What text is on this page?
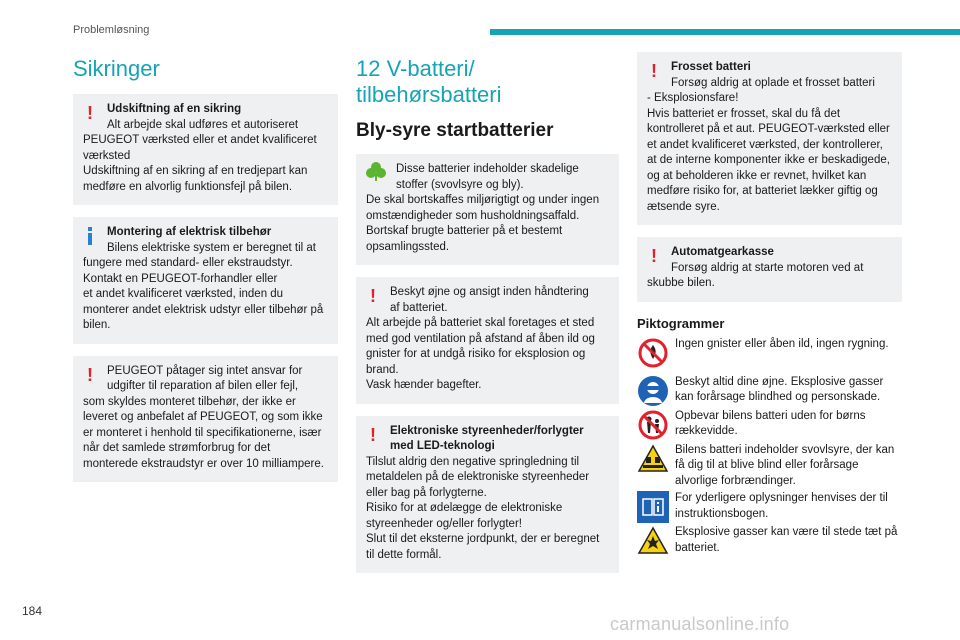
Problemløsning
Sikringer
!	Udskiftning af en sikring
Alt arbejde skal udføres et autoriseret
PEUGEOT værksted eller et andet kvalificeret værksted
Udskiftning af en sikring af en tredjepart kan medføre en alvorlig funktionsfejl på bilen.
Montering af elektrisk tilbehør
Bilens elektriske system er beregnet til at
fungere med standard- eller ekstraudstyr.
Kontakt en PEUGEOT-forhandler eller
et andet kvalificeret værksted, inden du monterer andet elektrisk udstyr eller tilbehør på bilen.
!	PEUGEOT påtager sig intet ansvar for
udgifter til reparation af bilen eller fejl,
som skyldes monteret tilbehør, der ikke er leveret og anbefalet af PEUGEOT, og som ikke er monteret i henhold til specifikationerne, især når det samlede strømforbrug for det monterede ekstraudstyr er over 10 milliampere.
12 V-batteri/ tilbehørsbatteri
Bly-syre startbatterier
Disse batterier indeholder skadelige
stoffer (svovlsyre og bly).
De skal bortskaffes miljørigtigt og under ingen omstændigheder som husholdningsaffald.
Bortskaf brugte batterier på et bestemt opsamlingssted.
!	Beskyt øjne og ansigt inden håndtering
af batteriet.
Alt arbejde på batteriet skal foretages et sted med god ventilation på afstand af åben ild og gnister for at undgå risiko for eksplosion og brand.
Vask hænder bagefter.
!	Elektroniske styreenheder/forlygter
med LED-teknologi
Tilslut aldrig den negative springledning til metaldelen på de elektroniske styreenheder eller bag på forlygterne.
Risiko for at ødelægge de elektroniske styreenheder og/eller forlygter!
Slut til det eksterne jordpunkt, der er beregnet til dette formål.
!	Frosset batteri
Forsøg aldrig at oplade et frosset batteri
- Eksplosionsfare!
Hvis batteriet er frosset, skal du få det kontrolleret på et aut. PEUGEOT-værksted eller et andet kvalificeret værksted, der kontrollerer, at de interne komponenter ikke er beskadigede, og at beholderen ikke er revnet, hvilket kan medføre risiko for, at batteriet lækker giftig og ætsende syre.
!	Automatgearkasse
Forsøg aldrig at starte motoren ved at
skubbe bilen.
Piktogrammer
Ingen gnister eller åben ild, ingen rygning.
Beskyt altid dine øjne. Eksplosive gasser kan forårsage blindhed og personskade.
Opbevar bilens batteri uden for børns rækkevidde.
Bilens batteri indeholder svovlsyre, der kan få dig til at blive blind eller forårsage alvorlige forbrændinger.
For yderligere oplysninger henvises der til instruktionsbogen.
Eksplosive gasser kan være til stede tæt på batteriet.
184
carmanualsonline.info
